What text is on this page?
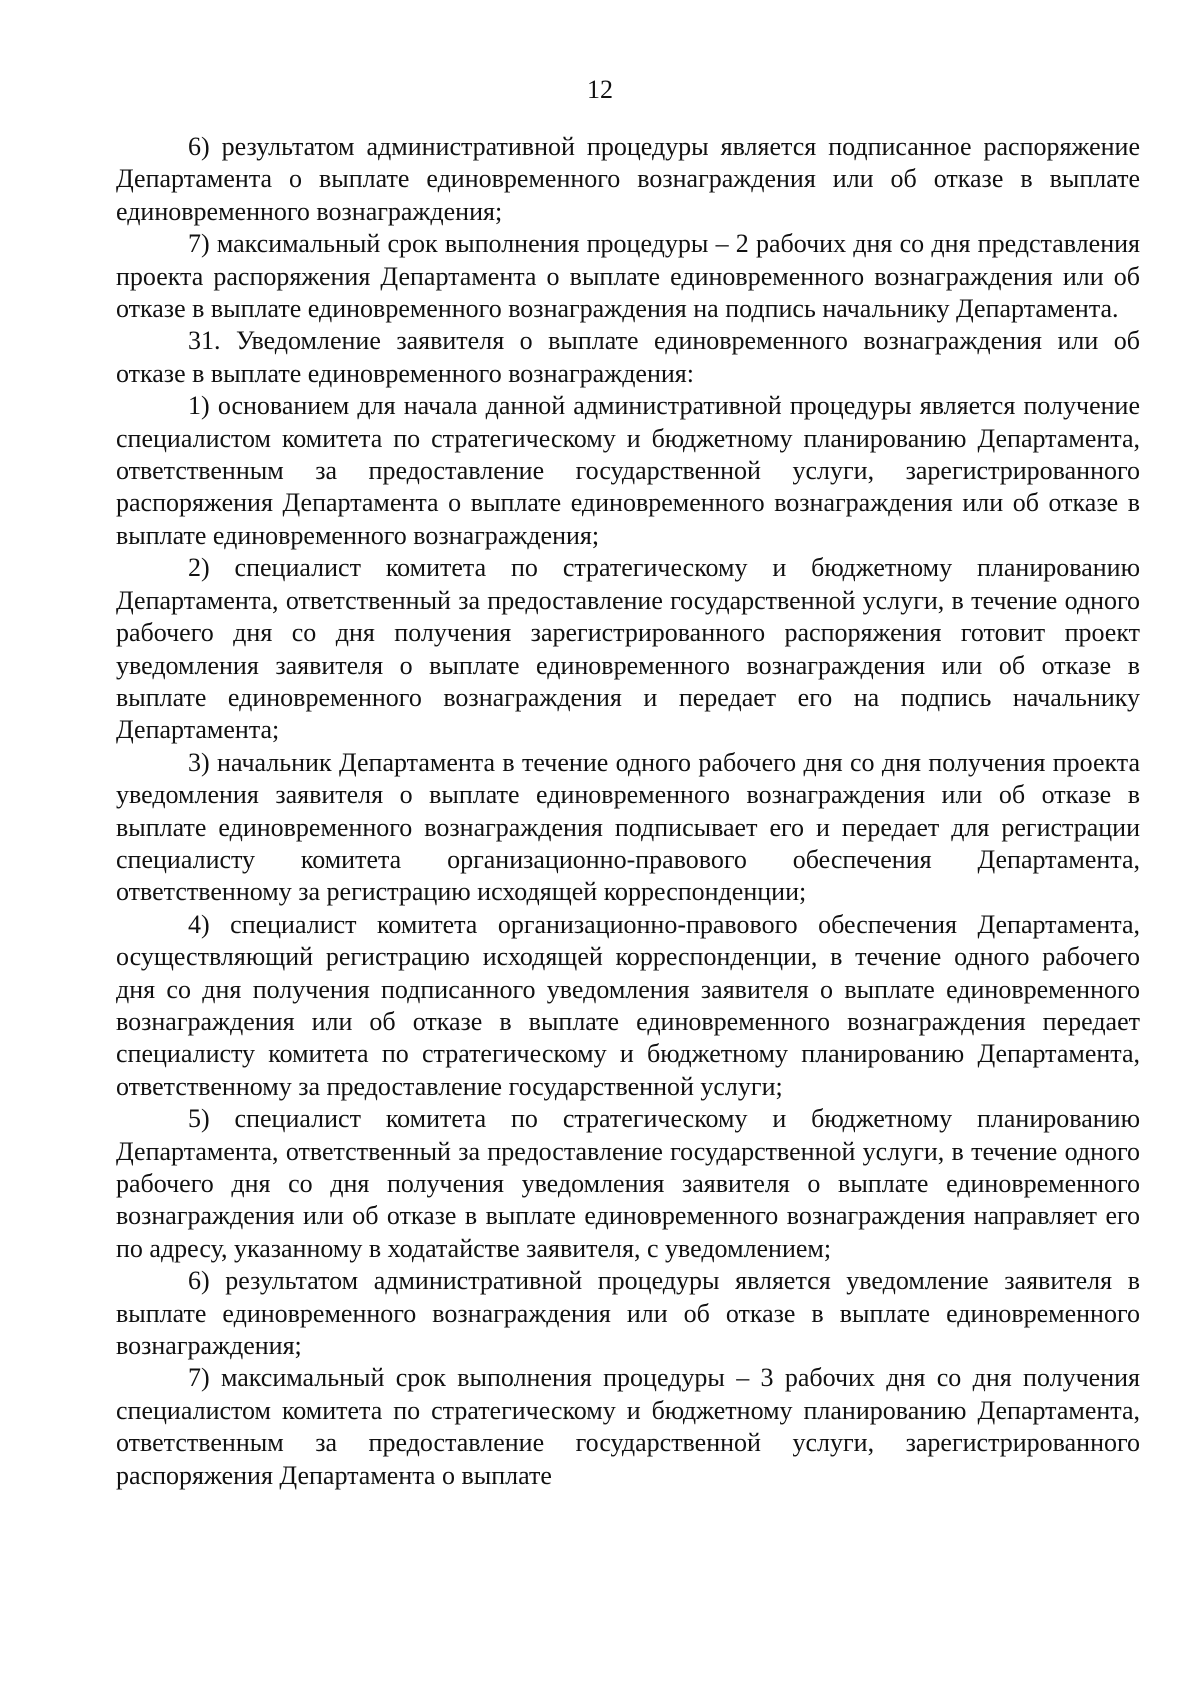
12

6) результатом административной процедуры является подписанное распоряжение Департамента о выплате единовременного вознаграждения или об отказе в выплате единовременного вознаграждения;

7) максимальный срок выполнения процедуры – 2 рабочих дня со дня представления проекта распоряжения Департамента о выплате единовременного вознаграждения или об отказе в выплате единовременного вознаграждения на подпись начальнику Департамента.

31. Уведомление заявителя о выплате единовременного вознаграждения или об отказе в выплате единовременного вознаграждения:

1) основанием для начала данной административной процедуры является получение специалистом комитета по стратегическому и бюджетному планированию Департамента, ответственным за предоставление государственной услуги, зарегистрированного распоряжения Департамента о выплате единовременного вознаграждения или об отказе в выплате единовременного вознаграждения;

2) специалист комитета по стратегическому и бюджетному планированию Департамента, ответственный за предоставление государственной услуги, в течение одного рабочего дня со дня получения зарегистрированного распоряжения готовит проект уведомления заявителя о выплате единовременного вознаграждения или об отказе в выплате единовременного вознаграждения и передает его на подпись начальнику Департамента;

3) начальник Департамента в течение одного рабочего дня со дня получения проекта уведомления заявителя о выплате единовременного вознаграждения или об отказе в выплате единовременного вознаграждения подписывает его и передает для регистрации специалисту комитета организационно-правового обеспечения Департамента, ответственному за регистрацию исходящей корреспонденции;

4) специалист комитета организационно-правового обеспечения Департамента, осуществляющий регистрацию исходящей корреспонденции, в течение одного рабочего дня со дня получения подписанного уведомления заявителя о выплате единовременного вознаграждения или об отказе в выплате единовременного вознаграждения передает специалисту комитета по стратегическому и бюджетному планированию Департамента, ответственному за предоставление государственной услуги;

5) специалист комитета по стратегическому и бюджетному планированию Департамента, ответственный за предоставление государственной услуги, в течение одного рабочего дня со дня получения уведомления заявителя о выплате единовременного вознаграждения или об отказе в выплате единовременного вознаграждения направляет его по адресу, указанному в ходатайстве заявителя, с уведомлением;

6) результатом административной процедуры является уведомление заявителя в выплате единовременного вознаграждения или об отказе в выплате единовременного вознаграждения;

7) максимальный срок выполнения процедуры – 3 рабочих дня со дня получения специалистом комитета по стратегическому и бюджетному планированию Департамента, ответственным за предоставление государственной услуги, зарегистрированного распоряжения Департамента о выплате
